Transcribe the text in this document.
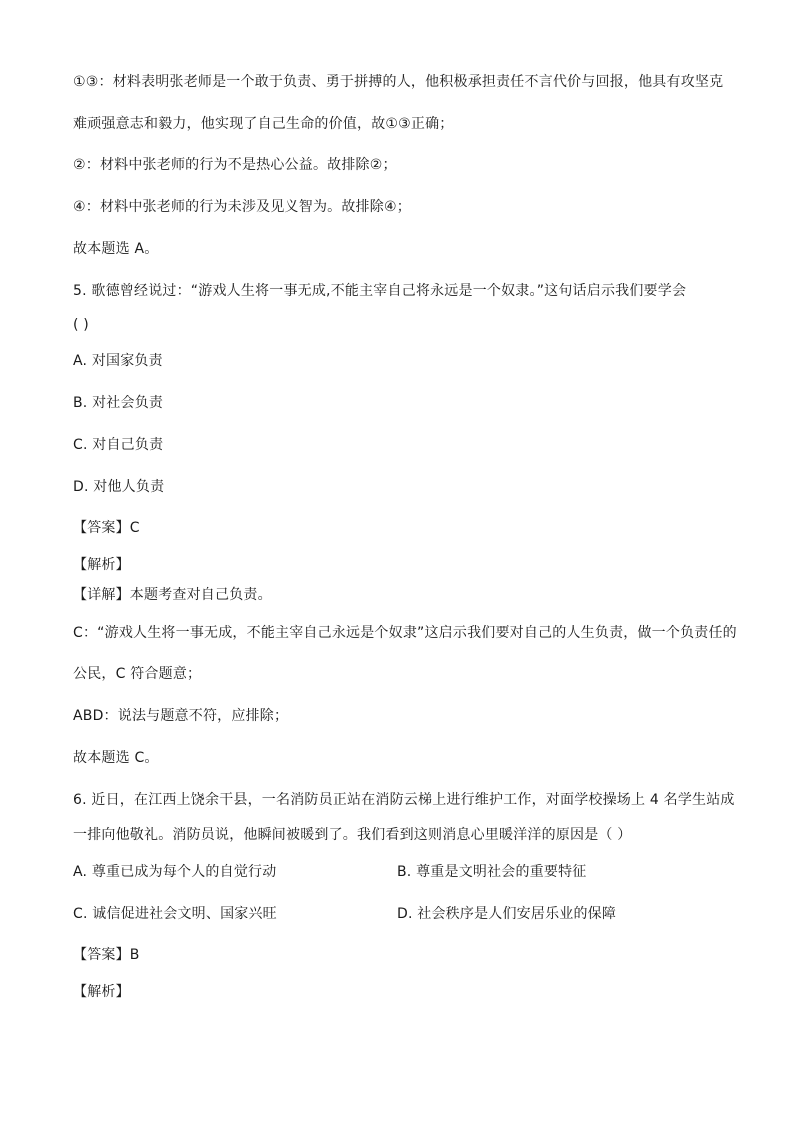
①③：材料表明张老师是一个敢于负责、勇于拼搏的人，他积极承担责任不言代价与回报，他具有攻坚克
难顽强意志和毅力，他实现了自己生命的价值，故①③正确；
②：材料中张老师的行为不是热心公益。故排除②；
④：材料中张老师的行为未涉及见义智为。故排除④；
故本题选 A。
5. 歌德曾经说过：“游戏人生将一事无成,不能主宰自己将永远是一个奴隶。”这句话启示我们要学会
( )
A. 对国家负责
B. 对社会负责
C. 对自己负责
D. 对他人负责
【答案】C
【解析】
【详解】本题考查对自己负责。
C：“游戏人生将一事无成，不能主宰自己永远是个奴隶”这启示我们要对自己的人生负责，做一个负责任的
公民，C 符合题意；
ABD：说法与题意不符，应排除；
故本题选 C。
6. 近日，在江西上饶余干县，一名消防员正站在消防云梯上进行维护工作，对面学校操场上 4 名学生站成
一排向他敬礼。消防员说，他瞬间被暖到了。我们看到这则消息心里暖洋洋的原因是（ ）
A. 尊重已成为每个人的自觉行动	B. 尊重是文明社会的重要特征
C. 诚信促进社会文明、国家兴旺	D. 社会秩序是人们安居乐业的保障
【答案】B
【解析】
